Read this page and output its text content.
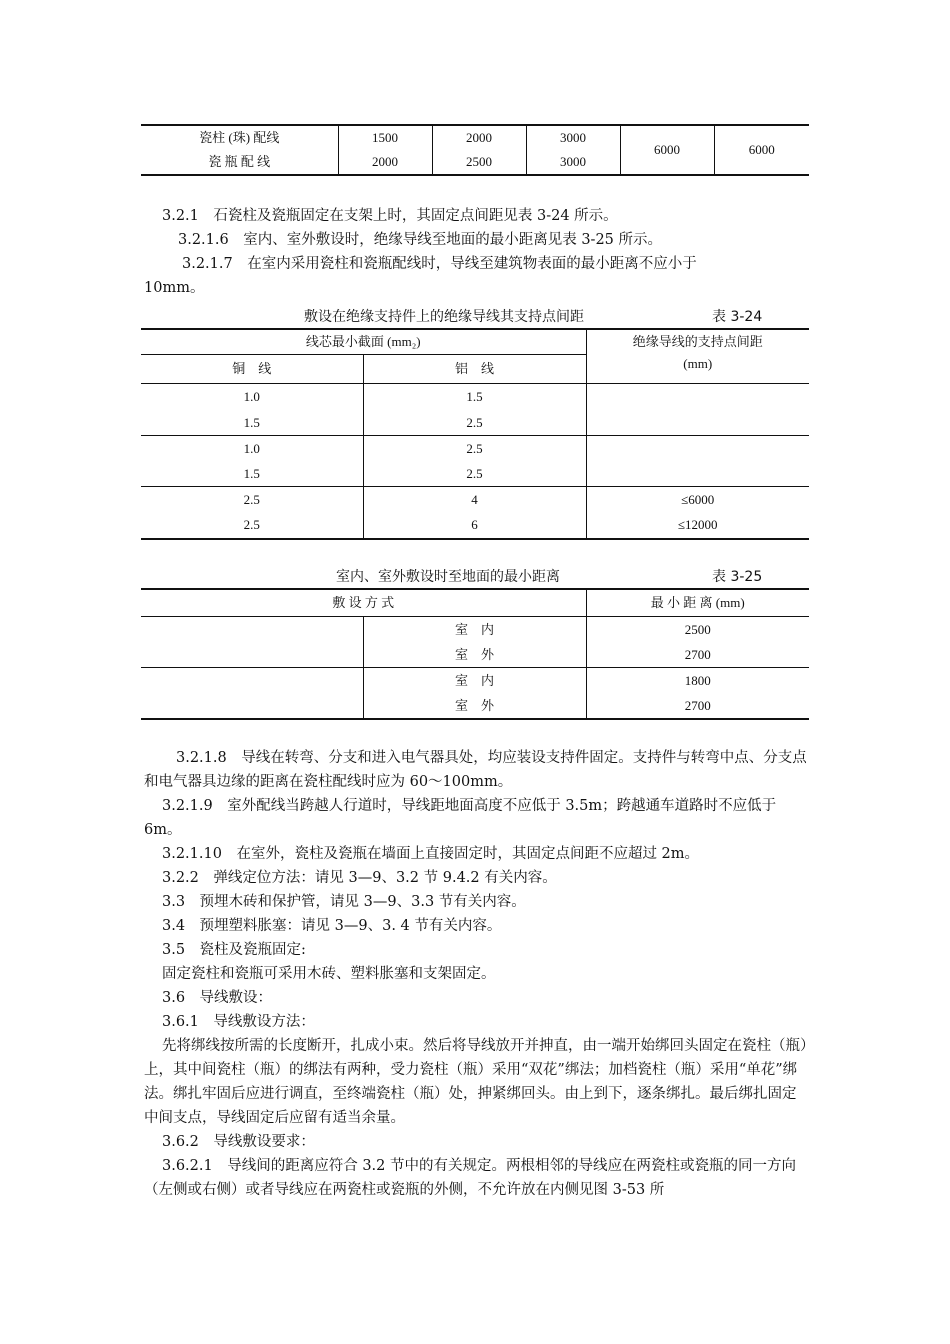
瓷柱 (珠) 配线	1500	2000	3000	6000	6000
瓷 瓶 配 线	2000	2500	3000		
3.2.1　石瓷柱及瓷瓶固定在支架上时，其固定点间距见表 3-24 所示。
3.2.1.6　室内、室外敷设时，绝缘导线至地面的最小距离见表 3-25 所示。
3.2.1.7　在室内采用瓷柱和瓷瓶配线时，导线至建筑物表面的最小距离不应小于
10mm。
敷设在绝缘支持件上的绝缘导线其支持点间距	表 3-24
线芯最小截面 (mm₂)		绝缘导线的支持点间距
铜　线	铝　线	(mm)
1.0	1.5	
1.5	2.5	
1.0	2.5	
1.5	2.5	
2.5	4	≤6000
2.5	6	≤12000
室内、室外敷设时至地面的最小距离	表 3-25
敷 设 方 式		最 小 距 离 (mm)
	室　内	2500
	室　外	2700
	室　内	1800
	室　外	2700
3.2.1.8　导线在转弯、分支和进入电气器具处，均应装设支持件固定。支持件与转弯中点、分支点和电气器具边缘的距离在瓷柱配线时应为 60～100mm。
3.2.1.9　室外配线当跨越人行道时，导线距地面高度不应低于 3.5m；跨越通车道路时不应低于 6m。
3.2.1.10　在室外，瓷柱及瓷瓶在墙面上直接固定时，其固定点间距不应超过 2m。
3.2.2　弹线定位方法：请见 3—9、3.2 节 9.4.2 有关内容。
3.3　预埋木砖和保护管，请见 3—9、3.3 节有关内容。
3.4　预埋塑料胀塞：请见 3—9、3. 4 节有关内容。
3.5　瓷柱及瓷瓶固定:
固定瓷柱和瓷瓶可采用木砖、塑料胀塞和支架固定。
3.6　导线敷设：
3.6.1　导线敷设方法：
先将绑线按所需的长度断开，扎成小束。然后将导线放开并抻直，由一端开始绑回头固定在瓷柱（瓶）上，其中间瓷柱（瓶）的绑法有两种，受力瓷柱（瓶）采用“双花”绑法；加档瓷柱（瓶）采用“单花”绑法。绑扎牢固后应进行调直，至终端瓷柱（瓶）处，抻紧绑回头。由上到下，逐条绑扎。最后绑扎固定中间支点，导线固定后应留有适当余量。
3.6.2　导线敷设要求：
3.6.2.1　导线间的距离应符合 3.2 节中的有关规定。两根相邻的导线应在两瓷柱或瓷瓶的同一方向（左侧或右侧）或者导线应在两瓷柱或瓷瓶的外侧，不允许放在内侧见图 3-53 所
